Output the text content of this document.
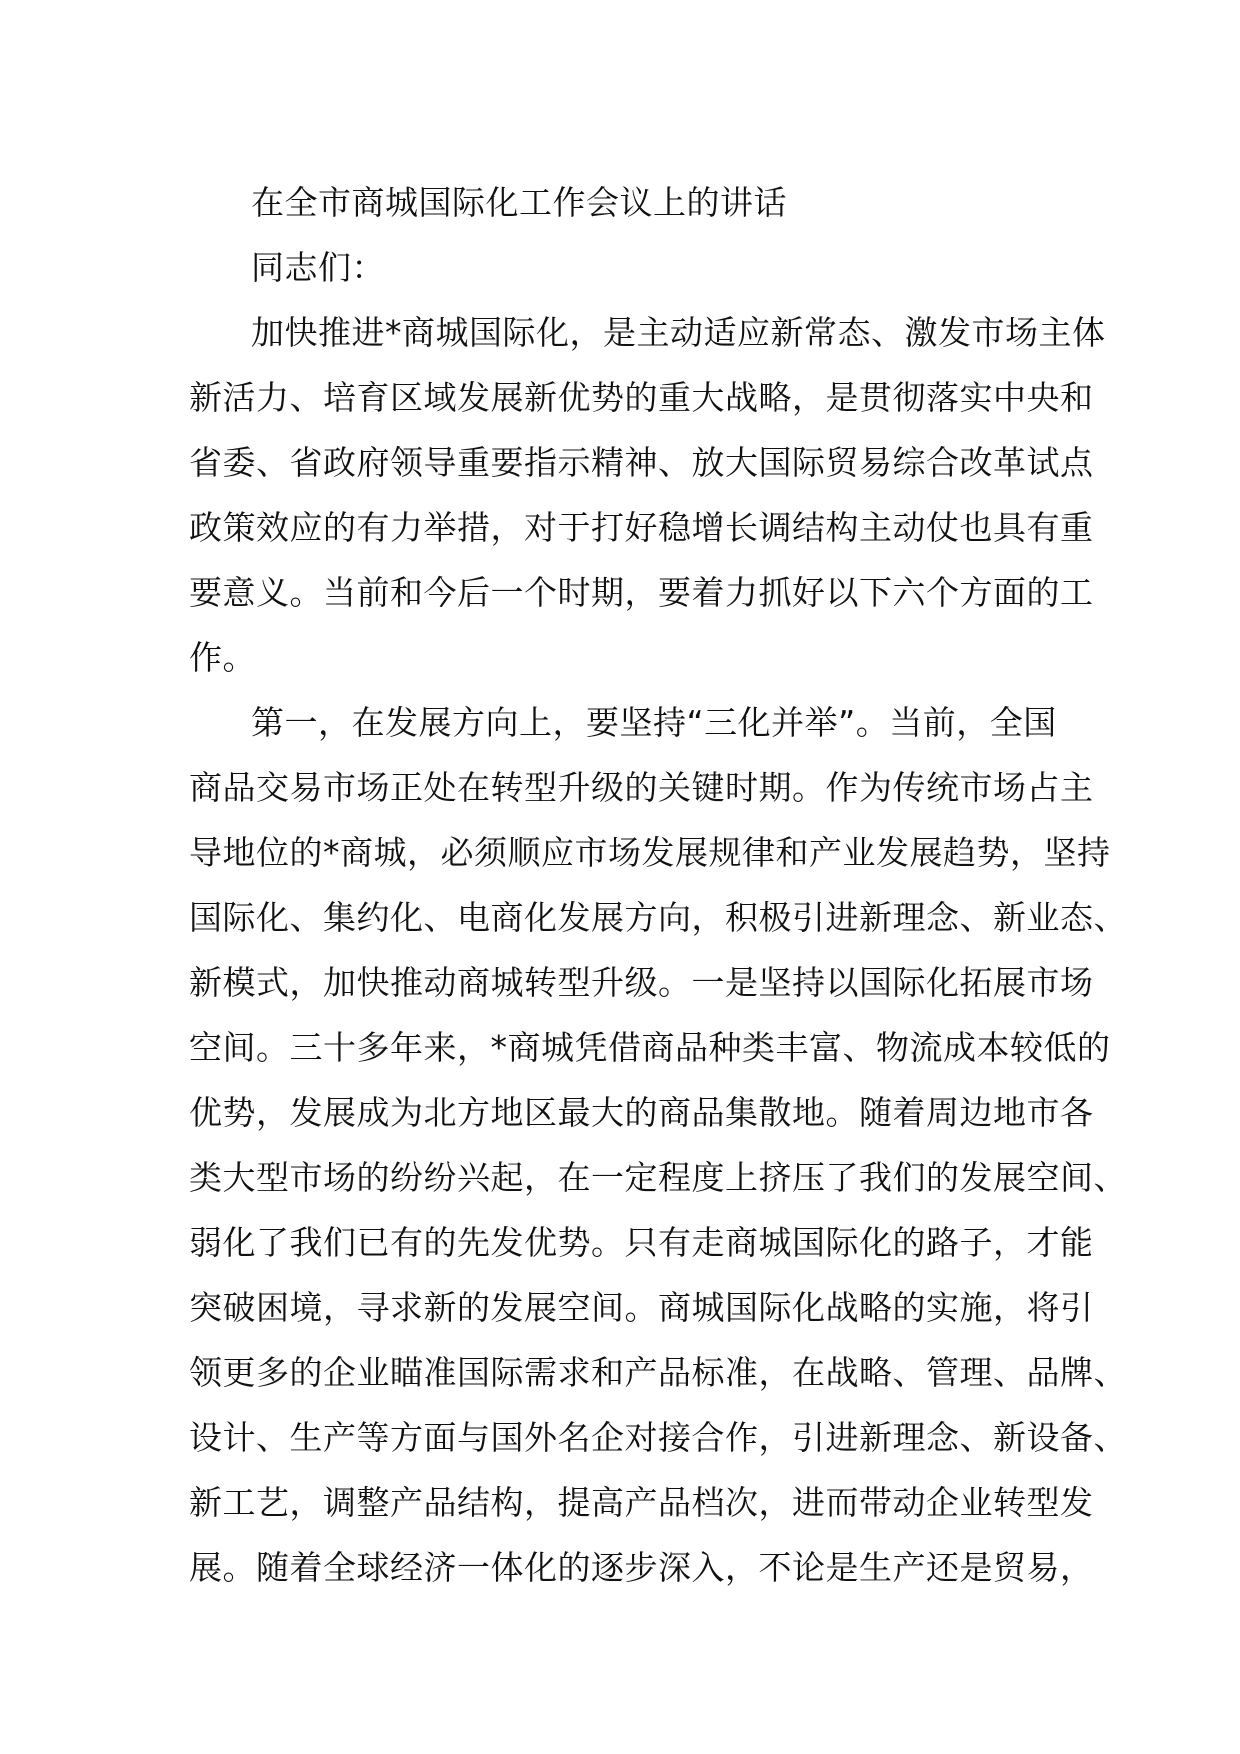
在全市商城国际化工作会议上的讲话
同志们：
加快推进*商城国际化，是主动适应新常态、激发市场主体
新活力、培育区域发展新优势的重大战略，是贯彻落实中央和
省委、省政府领导重要指示精神、放大国际贸易综合改革试点
政策效应的有力举措，对于打好稳增长调结构主动仗也具有重
要意义。当前和今后一个时期，要着力抓好以下六个方面的工
作。
第一，在发展方向上，要坚持“三化并举”。当前，全国
商品交易市场正处在转型升级的关键时期。作为传统市场占主
导地位的*商城，必须顺应市场发展规律和产业发展趋势，坚持
国际化、集约化、电商化发展方向，积极引进新理念、新业态、
新模式，加快推动商城转型升级。一是坚持以国际化拓展市场
空间。三十多年来，*商城凭借商品种类丰富、物流成本较低的
优势，发展成为北方地区最大的商品集散地。随着周边地市各
类大型市场的纷纷兴起，在一定程度上挤压了我们的发展空间、
弱化了我们已有的先发优势。只有走商城国际化的路子，才能
突破困境，寻求新的发展空间。商城国际化战略的实施，将引
领更多的企业瞄准国际需求和产品标准，在战略、管理、品牌、
设计、生产等方面与国外名企对接合作，引进新理念、新设备、
新工艺，调整产品结构，提高产品档次，进而带动企业转型发
展。随着全球经济一体化的逐步深入，不论是生产还是贸易，
